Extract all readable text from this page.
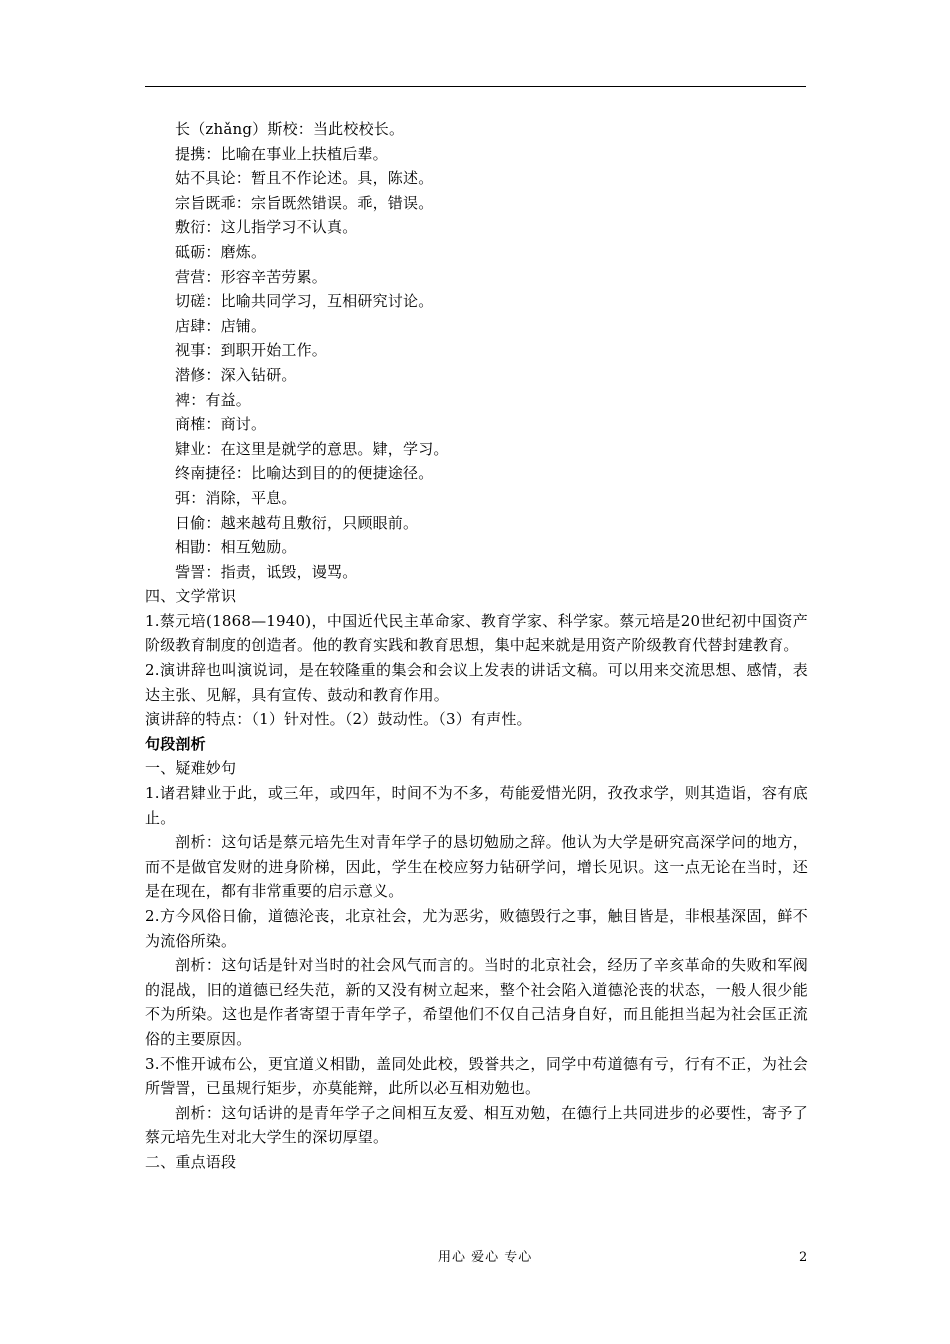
长（zhǎng）斯校：当此校校长。

提携：比喻在事业上扶植后辈。

姑不具论：暂且不作论述。具，陈述。

宗旨既乖：宗旨既然错误。乖，错误。

敷衍：这儿指学习不认真。

砥砺：磨炼。

营营：形容辛苦劳累。

切磋：比喻共同学习，互相研究讨论。

店肆：店铺。

视事：到职开始工作。

潜修：深入钻研。

裨：有益。

商榷：商讨。

肄业：在这里是就学的意思。肄，学习。

终南捷径：比喻达到目的的便捷途径。

弭：消除，平息。

日偷：越来越苟且敷衍，只顾眼前。

相勖：相互勉励。

訾詈：指责，诋毁，谩骂。

四、文学常识

1.蔡元培(1868—1940)，中国近代民主革命家、教育学家、科学家。蔡元培是20世纪初中国资产阶级教育制度的创造者。他的教育实践和教育思想，集中起来就是用资产阶级教育代替封建教育。

2.演讲辞也叫演说词，是在较隆重的集会和会议上发表的讲话文稿。可以用来交流思想、感情，表达主张、见解，具有宣传、鼓动和教育作用。

演讲辞的特点：（1）针对性。（2）鼓动性。（3）有声性。

句段剖析

一、疑难妙句

1.诸君肄业于此，或三年，或四年，时间不为不多，苟能爱惜光阴，孜孜求学，则其造诣，容有底止。

剖析：这句话是蔡元培先生对青年学子的恳切勉励之辞。他认为大学是研究高深学问的地方，而不是做官发财的进身阶梯，因此，学生在校应努力钻研学问，增长见识。这一点无论在当时，还是在现在，都有非常重要的启示意义。

2.方今风俗日偷，道德沦丧，北京社会，尤为恶劣，败德毁行之事，触目皆是，非根基深固，鲜不为流俗所染。

剖析：这句话是针对当时的社会风气而言的。当时的北京社会，经历了辛亥革命的失败和军阀的混战，旧的道德已经失范，新的又没有树立起来，整个社会陷入道德沦丧的状态，一般人很少能不为所染。这也是作者寄望于青年学子，希望他们不仅自己洁身自好，而且能担当起为社会匡正流俗的主要原因。

3.不惟开诚布公，更宜道义相勖，盖同处此校，毁誉共之，同学中苟道德有亏，行有不正，为社会所訾詈，已虽规行矩步，亦莫能辩，此所以必互相劝勉也。

剖析：这句话讲的是青年学子之间相互友爱、相互劝勉，在德行上共同进步的必要性，寄予了蔡元培先生对北大学生的深切厚望。

二、重点语段

用心 爱心 专心	2
